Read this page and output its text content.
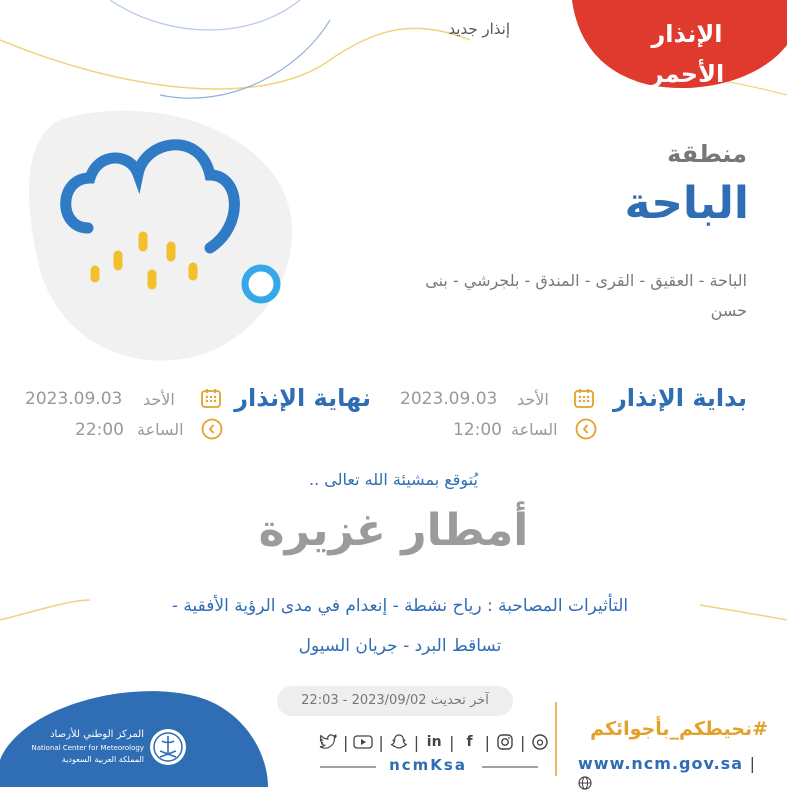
الإنذار الأحمر
إنذار جديد
منطقة
الباحة
الباحة - العقيق - القرى - المندق - بلجرشي - بنى
حسن
بداية الإنذار
الأحد
2023.09.03
الساعة
12:00
نهاية الإنذار
الأحد
2023.09.03
الساعة
22:00
يُتوقع بمشيئة الله تعالى ..
أمطار غزيرة
التأثيرات المصاحبة : رياح نشطة - إنعدام في مدى الرؤية الأفقية -
تساقط البرد - جريان السيول
آخر تحديث 2023/09/02 - 22:03
#نحيطكم_بأجوائكم
www.ncm.gov.sa |
| | | in | f | |
ncmKsa
المركز الوطني للأرصاد
National Center for Meteorology
المملكة العربية السعودية
